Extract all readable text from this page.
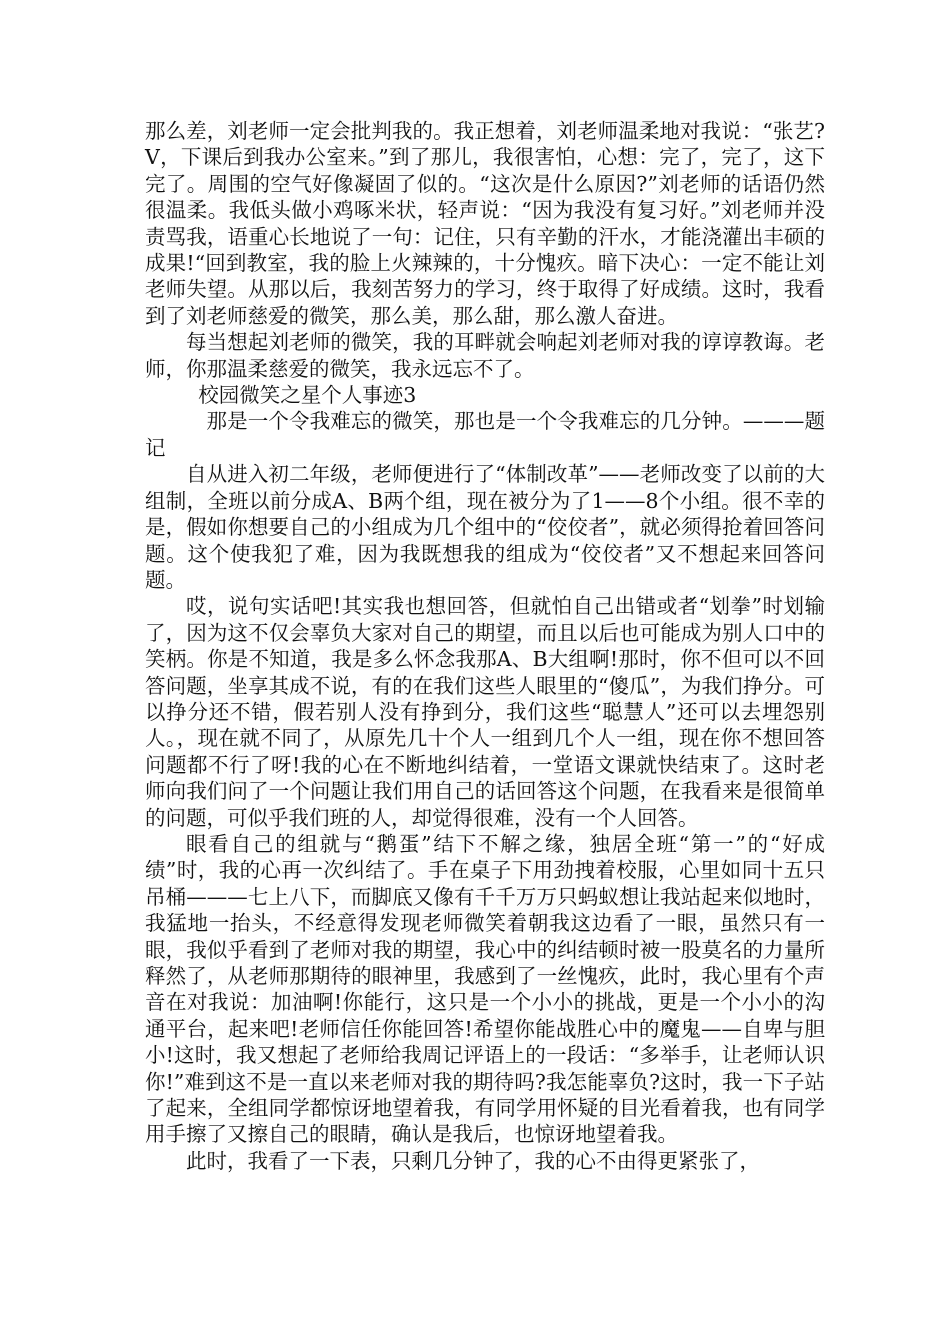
那么差，刘老师一定会批判我的。我正想着，刘老师温柔地对我说：“张艺?V，下课后到我办公室来。”到了那儿，我很害怕，心想：完了，完了，这下完了。周围的空气好像凝固了似的。“这次是什么原因?”刘老师的话语仍然很温柔。我低头做小鸡啄米状，轻声说：“因为我没有复习好。”刘老师并没责骂我，语重心长地说了一句：记住，只有辛勤的汗水，才能浇灌出丰硕的成果!“回到教室，我的脸上火辣辣的，十分愧疚。暗下决心：一定不能让刘老师失望。从那以后，我刻苦努力的学习，终于取得了好成绩。这时，我看到了刘老师慈爱的微笑，那么美，那么甜，那么激人奋进。

每当想起刘老师的微笑，我的耳畔就会响起刘老师对我的谆谆教诲。老师，你那温柔慈爱的微笑，我永远忘不了。

校园微笑之星个人事迹3

那是一个令我难忘的微笑，那也是一个令我难忘的几分钟。———题记

自从进入初二年级，老师便进行了“体制改革”——老师改变了以前的大组制，全班以前分成A、B两个组，现在被分为了1——8个小组。很不幸的是，假如你想要自己的小组成为几个组中的“佼佼者”，就必须得抢着回答问题。这个使我犯了难，因为我既想我的组成为“佼佼者”又不想起来回答问题。

哎，说句实话吧!其实我也想回答，但就怕自己出错或者“划拳”时划输了，因为这不仅会辜负大家对自己的期望，而且以后也可能成为别人口中的笑柄。你是不知道，我是多么怀念我那A、B大组啊!那时，你不但可以不回答问题，坐享其成不说，有的在我们这些人眼里的“傻瓜”，为我们挣分。可以挣分还不错，假若别人没有挣到分，我们这些“聪慧人”还可以去埋怨别人。，现在就不同了，从原先几十个人一组到几个人一组，现在你不想回答问题都不行了呀!我的心在不断地纠结着，一堂语文课就快结束了。这时老师向我们问了一个问题让我们用自己的话回答这个问题，在我看来是很简单的问题，可似乎我们班的人，却觉得很难，没有一个人回答。

眼看自己的组就与“鹅蛋”结下不解之缘，独居全班“第一”的“好成绩”时，我的心再一次纠结了。手在桌子下用劲拽着校服，心里如同十五只吊桶———七上八下，而脚底又像有千千万万只蚂蚁想让我站起来似地时，我猛地一抬头，不经意得发现老师微笑着朝我这边看了一眼，虽然只有一眼，我似乎看到了老师对我的期望，我心中的纠结顿时被一股莫名的力量所释然了，从老师那期待的眼神里，我感到了一丝愧疚，此时，我心里有个声音在对我说：加油啊!你能行，这只是一个小小的挑战，更是一个小小的沟通平台，起来吧!老师信任你能回答!希望你能战胜心中的魔鬼——自卑与胆小!这时，我又想起了老师给我周记评语上的一段话：“多举手，让老师认识你!”难到这不是一直以来老师对我的期待吗?我怎能辜负?这时，我一下子站了起来，全组同学都惊讶地望着我，有同学用怀疑的目光看着我，也有同学用手擦了又擦自己的眼睛，确认是我后，也惊讶地望着我。

此时，我看了一下表，只剩几分钟了，我的心不由得更紧张了，
